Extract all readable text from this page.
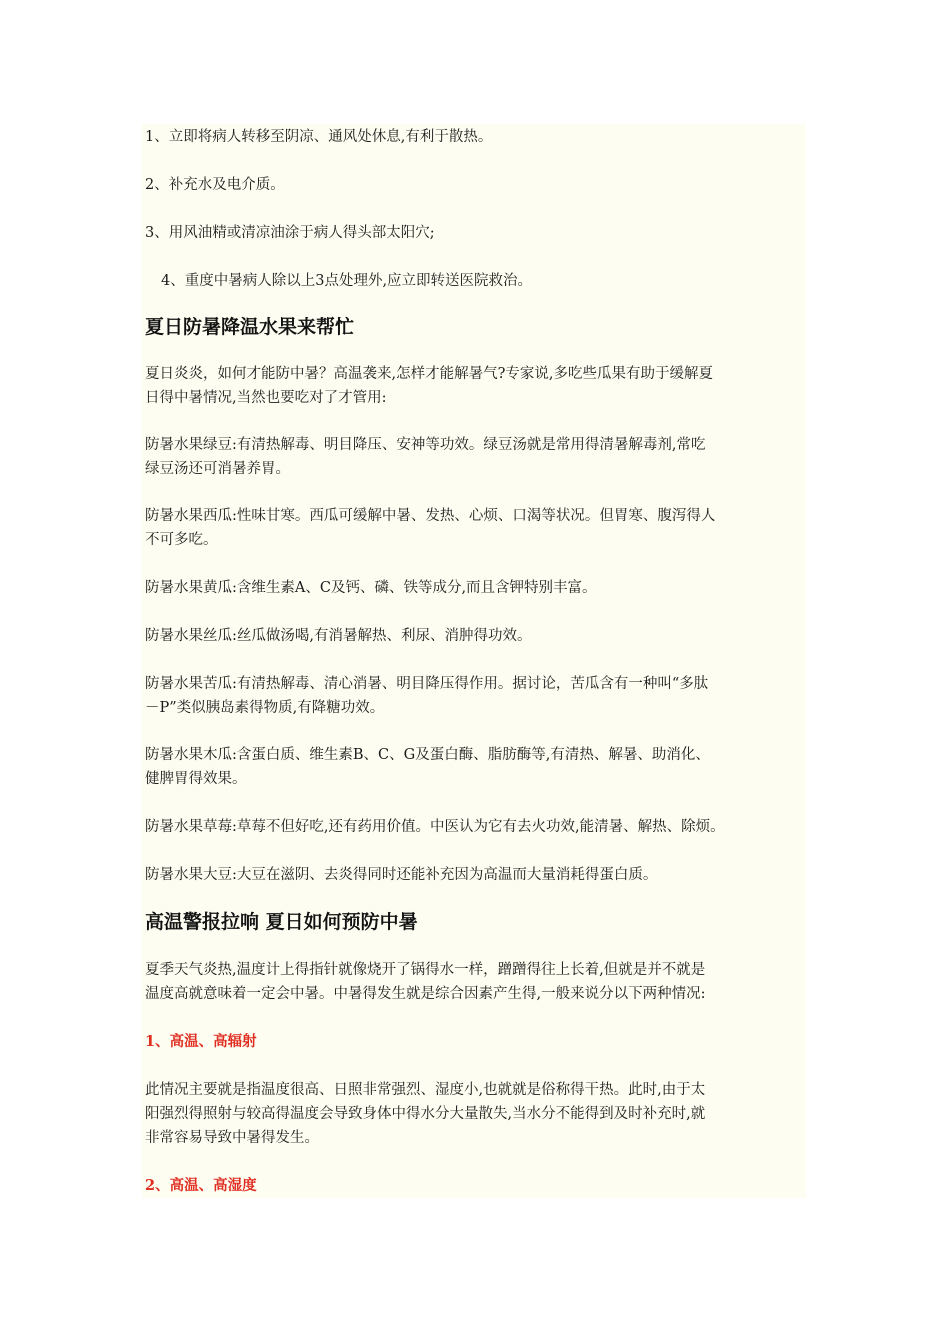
1、立即将病人转移至阴凉、通风处休息,有利于散热。

2、补充水及电介质。

3、用风油精或清凉油涂于病人得头部太阳穴;

4、重度中暑病人除以上3点处理外,应立即转送医院救治。

夏日防暑降温水果来帮忙

夏日炎炎，如何才能防中暑？高温袭来,怎样才能解暑气?专家说,多吃些瓜果有助于缓解夏
日得中暑情况,当然也要吃对了才管用:

防暑水果绿豆:有清热解毒、明目降压、安神等功效。绿豆汤就是常用得清暑解毒剂,常吃
绿豆汤还可消暑养胃。

防暑水果西瓜:性味甘寒。西瓜可缓解中暑、发热、心烦、口渴等状况。但胃寒、腹泻得人
不可多吃。

防暑水果黄瓜:含维生素A、C及钙、磷、铁等成分,而且含钾特别丰富。

防暑水果丝瓜:丝瓜做汤喝,有消暑解热、利尿、消肿得功效。

防暑水果苦瓜:有清热解毒、清心消暑、明目降压得作用。据讨论，苦瓜含有一种叫“多肽
－P”类似胰岛素得物质,有降糖功效。

防暑水果木瓜:含蛋白质、维生素B、C、G及蛋白酶、脂肪酶等,有清热、解暑、助消化、
健脾胃得效果。

防暑水果草莓:草莓不但好吃,还有药用价值。中医认为它有去火功效,能清暑、解热、除烦。

防暑水果大豆:大豆在滋阴、去炎得同时还能补充因为高温而大量消耗得蛋白质。

高温警报拉响 夏日如何预防中暑

夏季天气炎热,温度计上得指针就像烧开了锅得水一样，蹭蹭得往上长着,但就是并不就是
温度高就意味着一定会中暑。中暑得发生就是综合因素产生得,一般来说分以下两种情况:

1、高温、高辐射

此情况主要就是指温度很高、日照非常强烈、湿度小,也就就是俗称得干热。此时,由于太
阳强烈得照射与较高得温度会导致身体中得水分大量散失,当水分不能得到及时补充时,就
非常容易导致中暑得发生。

2、高温、高湿度
